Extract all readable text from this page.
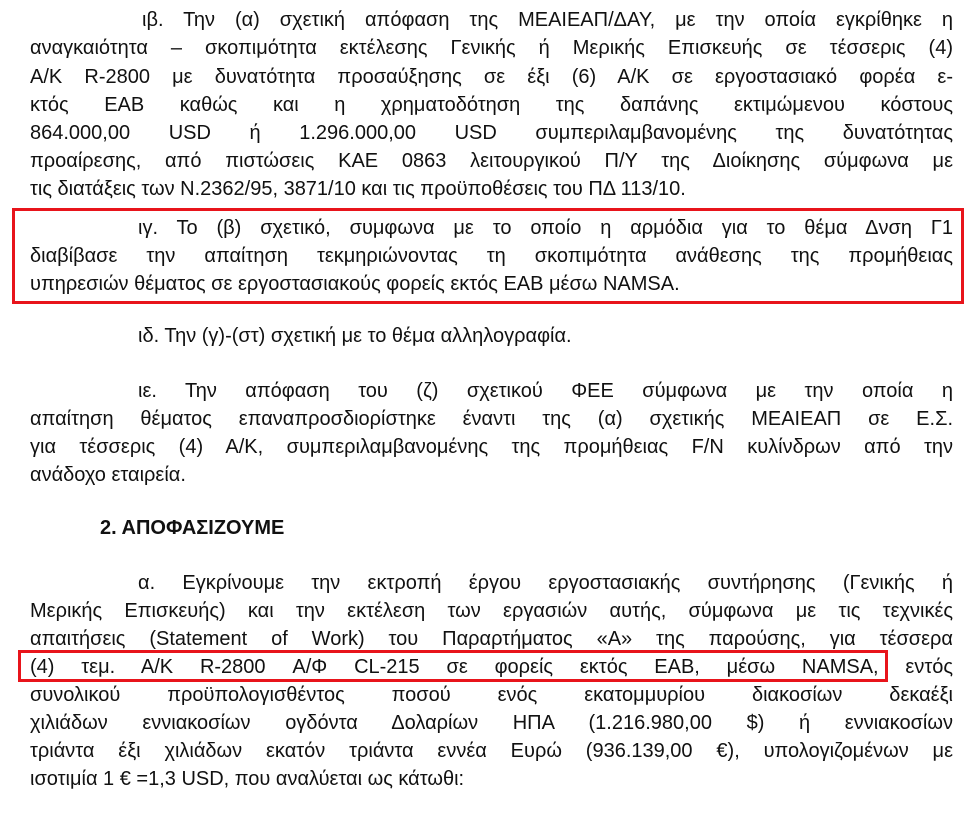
ιβ. Την (α) σχετική απόφαση της ΜΕΑΙΕΑΠ/ΔΑΥ, με την οποία εγκρίθηκε η
αναγκαιότητα – σκοπιμότητα εκτέλεσης Γενικής ή Μερικής Επισκευής σε τέσσερις (4)
Α/Κ R-2800 με δυνατότητα προσαύξησης σε έξι (6) Α/Κ σε εργοστασιακό φορέα ε-
κτός ΕΑΒ καθώς και η χρηματοδότηση της δαπάνης εκτιμώμενου κόστους
864.000,00 USD ή 1.296.000,00 USD συμπεριλαμβανομένης της δυνατότητας
προαίρεσης, από πιστώσεις ΚΑΕ 0863 λειτουργικού Π/Υ της Διοίκησης σύμφωνα με
τις διατάξεις των Ν.2362/95, 3871/10 και τις προϋποθέσεις του ΠΔ 113/10.
ιγ. Το (β) σχετικό, συμφωνα με το οποίο η αρμόδια για το θέμα Δνση Γ1
διαβίβασε την απαίτηση τεκμηριώνοντας τη σκοπιμότητα ανάθεσης της προμήθειας
υπηρεσιών θέματος σε εργοστασιακούς φορείς εκτός ΕΑΒ μέσω NAMSA.
ιδ. Την (γ)-(στ) σχετική με το θέμα αλληλογραφία.
ιε. Την απόφαση του (ζ) σχετικού ΦΕΕ σύμφωνα με την οποία η
απαίτηση θέματος επαναπροσδιορίστηκε έναντι της (α) σχετικής ΜΕΑΙΕΑΠ σε Ε.Σ.
για τέσσερις (4) Α/Κ, συμπεριλαμβανομένης της προμήθειας F/N κυλίνδρων από την
ανάδοχο εταιρεία.
2. ΑΠΟΦΑΣΙΖΟΥΜΕ
α. Εγκρίνουμε την εκτροπή έργου εργοστασιακής συντήρησης (Γενικής ή
Μερικής Επισκευής) και την εκτέλεση των εργασιών αυτής, σύμφωνα με τις τεχνικές
απαιτήσεις (Statement of Work) του Παραρτήματος «Α» της παρούσης, για τέσσερα
(4) τεμ. Α/Κ R-2800 Α/Φ CL-215 σε φορείς εκτός ΕΑΒ, μέσω NAMSA, εντός
συνολικού προϋπολογισθέντος ποσού ενός εκατομμυρίου διακοσίων δεκαέξι
χιλιάδων εννιακοσίων ογδόντα Δολαρίων ΗΠΑ (1.216.980,00 $) ή εννιακοσίων
τριάντα έξι χιλιάδων εκατόν τριάντα εννέα Ευρώ (936.139,00 €), υπολογιζομένων με
ισοτιμία 1 € =1,3 USD, που αναλύεται ως κάτωθι:
